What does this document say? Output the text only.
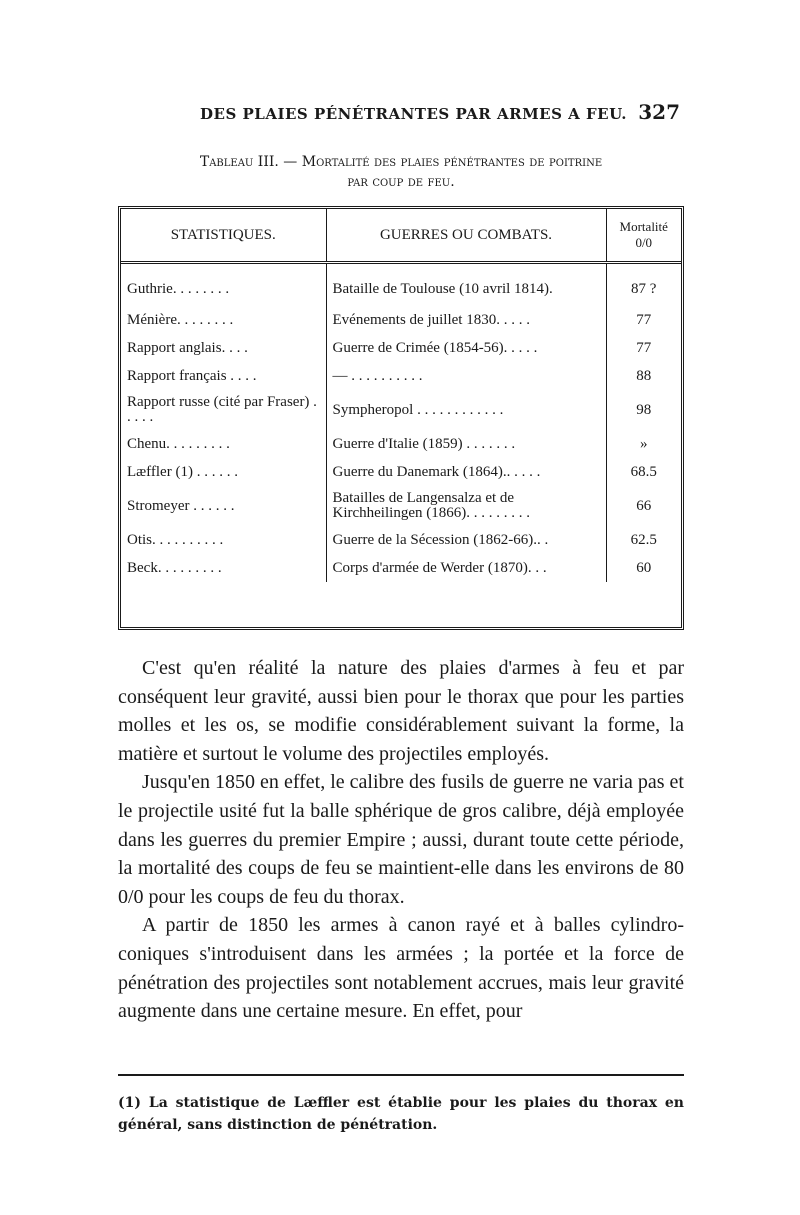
DES PLAIES PÉNÉTRANTES PAR ARMES A FEU. 327
Tableau III. — Mortalité des plaies pénétrantes de poitrine
par coup de feu.
STATISTIQUES.	GUERRES OU COMBATS.	Mortalité
0/0

Guthrie. . . . . . . .	Bataille de Toulouse (10 avril 1814).	87 ?
Ménière. . . . . . . .	Evénements de juillet 1830. . . . .	77
Rapport anglais. . . .	Guerre de Crimée (1854-56). . . . .	77
Rapport français . . . .	— . . . . . . . . . .	88
Rapport russe (cité par Fraser) . . . . .	Sympheropol . . . . . . . . . . . .	98
Chenu. . . . . . . . .	Guerre d'Italie (1859) . . . . . . .	»
Læffler (1) . . . . . .	Guerre du Danemark (1864).. . . . .	68.5
Stromeyer . . . . . .	Batailles de Langensalza et de Kirchheilingen (1866). . . . . . . . .	66
Otis. . . . . . . . . .	Guerre de la Sécession (1862-66).. .	62.5
Beck. . . . . . . . .	Corps d'armée de Werder (1870). . .	60

C'est qu'en réalité la nature des plaies d'armes à feu et par conséquent leur gravité, aussi bien pour le thorax que pour les parties molles et les os, se modifie considérablement suivant la forme, la matière et surtout le volume des projectiles employés.

Jusqu'en 1850 en effet, le calibre des fusils de guerre ne varia pas et le projectile usité fut la balle sphérique de gros calibre, déjà employée dans les guerres du premier Empire ; aussi, durant toute cette période, la mortalité des coups de feu se maintient-elle dans les environs de 80 0/0 pour les coups de feu du thorax.

A partir de 1850 les armes à canon rayé et à balles cylindro-coniques s'introduisent dans les armées ; la portée et la force de pénétration des projectiles sont notablement accrues, mais leur gravité augmente dans une certaine mesure. En effet, pour

(1) La statistique de Læffler est établie pour les plaies du thorax en général, sans distinction de pénétration.
